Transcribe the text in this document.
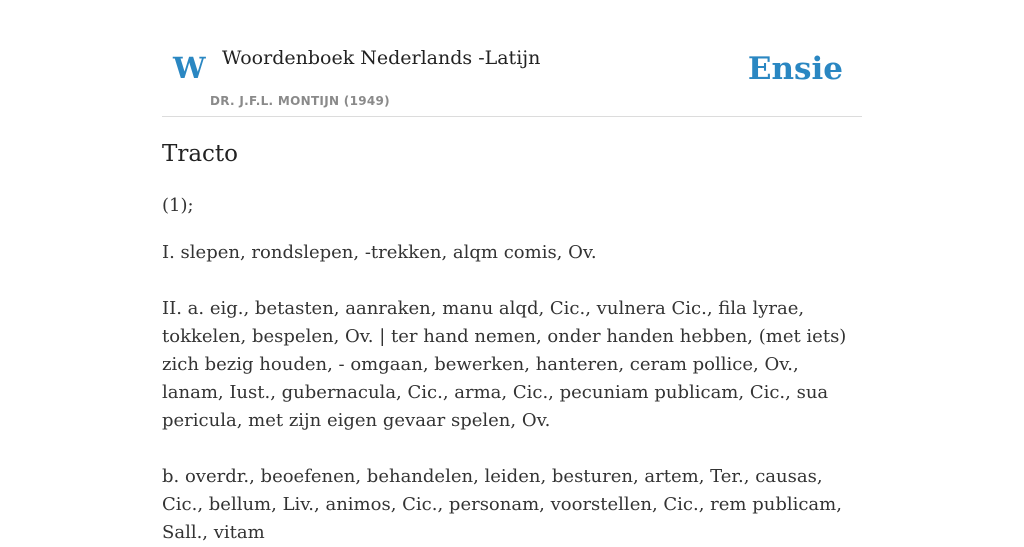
W Woordenboek Nederlands -Latijn
DR. J.F.L. MONTIJN (1949)
Ensie
Tracto

(1);

I. slepen, rondslepen, -trekken, alqm comis, Ov.

II. a. eig., betasten, aanraken, manu alqd, Cic., vulnera Cic., fila lyrae, tokkelen, bespelen, Ov. | ter hand nemen, onder handen hebben, (met iets) zich bezig houden, - omgaan, bewerken, hanteren, ceram pollice, Ov., lanam, Iust., gubernacula, Cic., arma, Cic., pecuniam publicam, Cic., sua pericula, met zijn eigen gevaar spelen, Ov.

b. overdr., beoefenen, behandelen, leiden, besturen, artem, Ter., causas, Cic., bellum, Liv., animos, Cic., personam, voorstellen, Cic., rem publicam, Sall., vitam
